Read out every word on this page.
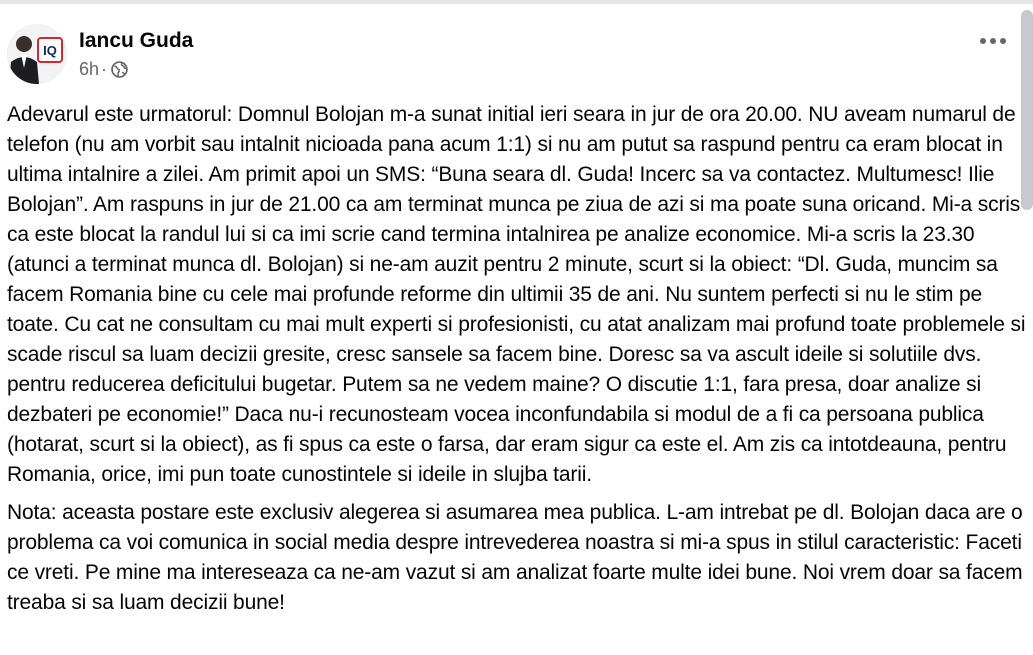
IQ Iancu Guda
6h ·

Adevarul este urmatorul: Domnul Bolojan m-a sunat initial ieri seara in jur de ora 20.00. NU aveam numarul de telefon (nu am vorbit sau intalnit nicioada pana acum 1:1) si nu am putut sa raspund pentru ca eram blocat in ultima intalnire a zilei. Am primit apoi un SMS: “Buna seara dl. Guda! Incerc sa va contactez. Multumesc! Ilie Bolojan”. Am raspuns in jur de 21.00 ca am terminat munca pe ziua de azi si ma poate suna oricand. Mi-a scris ca este blocat la randul lui si ca imi scrie cand termina intalnirea pe analize economice. Mi-a scris la 23.30 (atunci a terminat munca dl. Bolojan) si ne-am auzit pentru 2 minute, scurt si la obiect: “Dl. Guda, muncim sa facem Romania bine cu cele mai profunde reforme din ultimii 35 de ani. Nu suntem perfecti si nu le stim pe toate. Cu cat ne consultam cu mai mult experti si profesionisti, cu atat analizam mai profund toate problemele si scade riscul sa luam decizii gresite, cresc sansele sa facem bine. Doresc sa va ascult ideile si solutiile dvs. pentru reducerea deficitului bugetar. Putem sa ne vedem maine? O discutie 1:1, fara presa, doar analize si dezbateri pe economie!” Daca nu-i recunosteam vocea inconfundabila si modul de a fi ca persoana publica (hotarat, scurt si la obiect), as fi spus ca este o farsa, dar eram sigur ca este el. Am zis ca intotdeauna, pentru Romania, orice, imi pun toate cunostintele si ideile in slujba tarii.

Nota: aceasta postare este exclusiv alegerea si asumarea mea publica. L-am intrebat pe dl. Bolojan daca are o problema ca voi comunica in social media despre intrevederea noastra si mi-a spus in stilul caracteristic: Faceti ce vreti. Pe mine ma intereseaza ca ne-am vazut si am analizat foarte multe idei bune. Noi vrem doar sa facem treaba si sa luam decizii bune!
